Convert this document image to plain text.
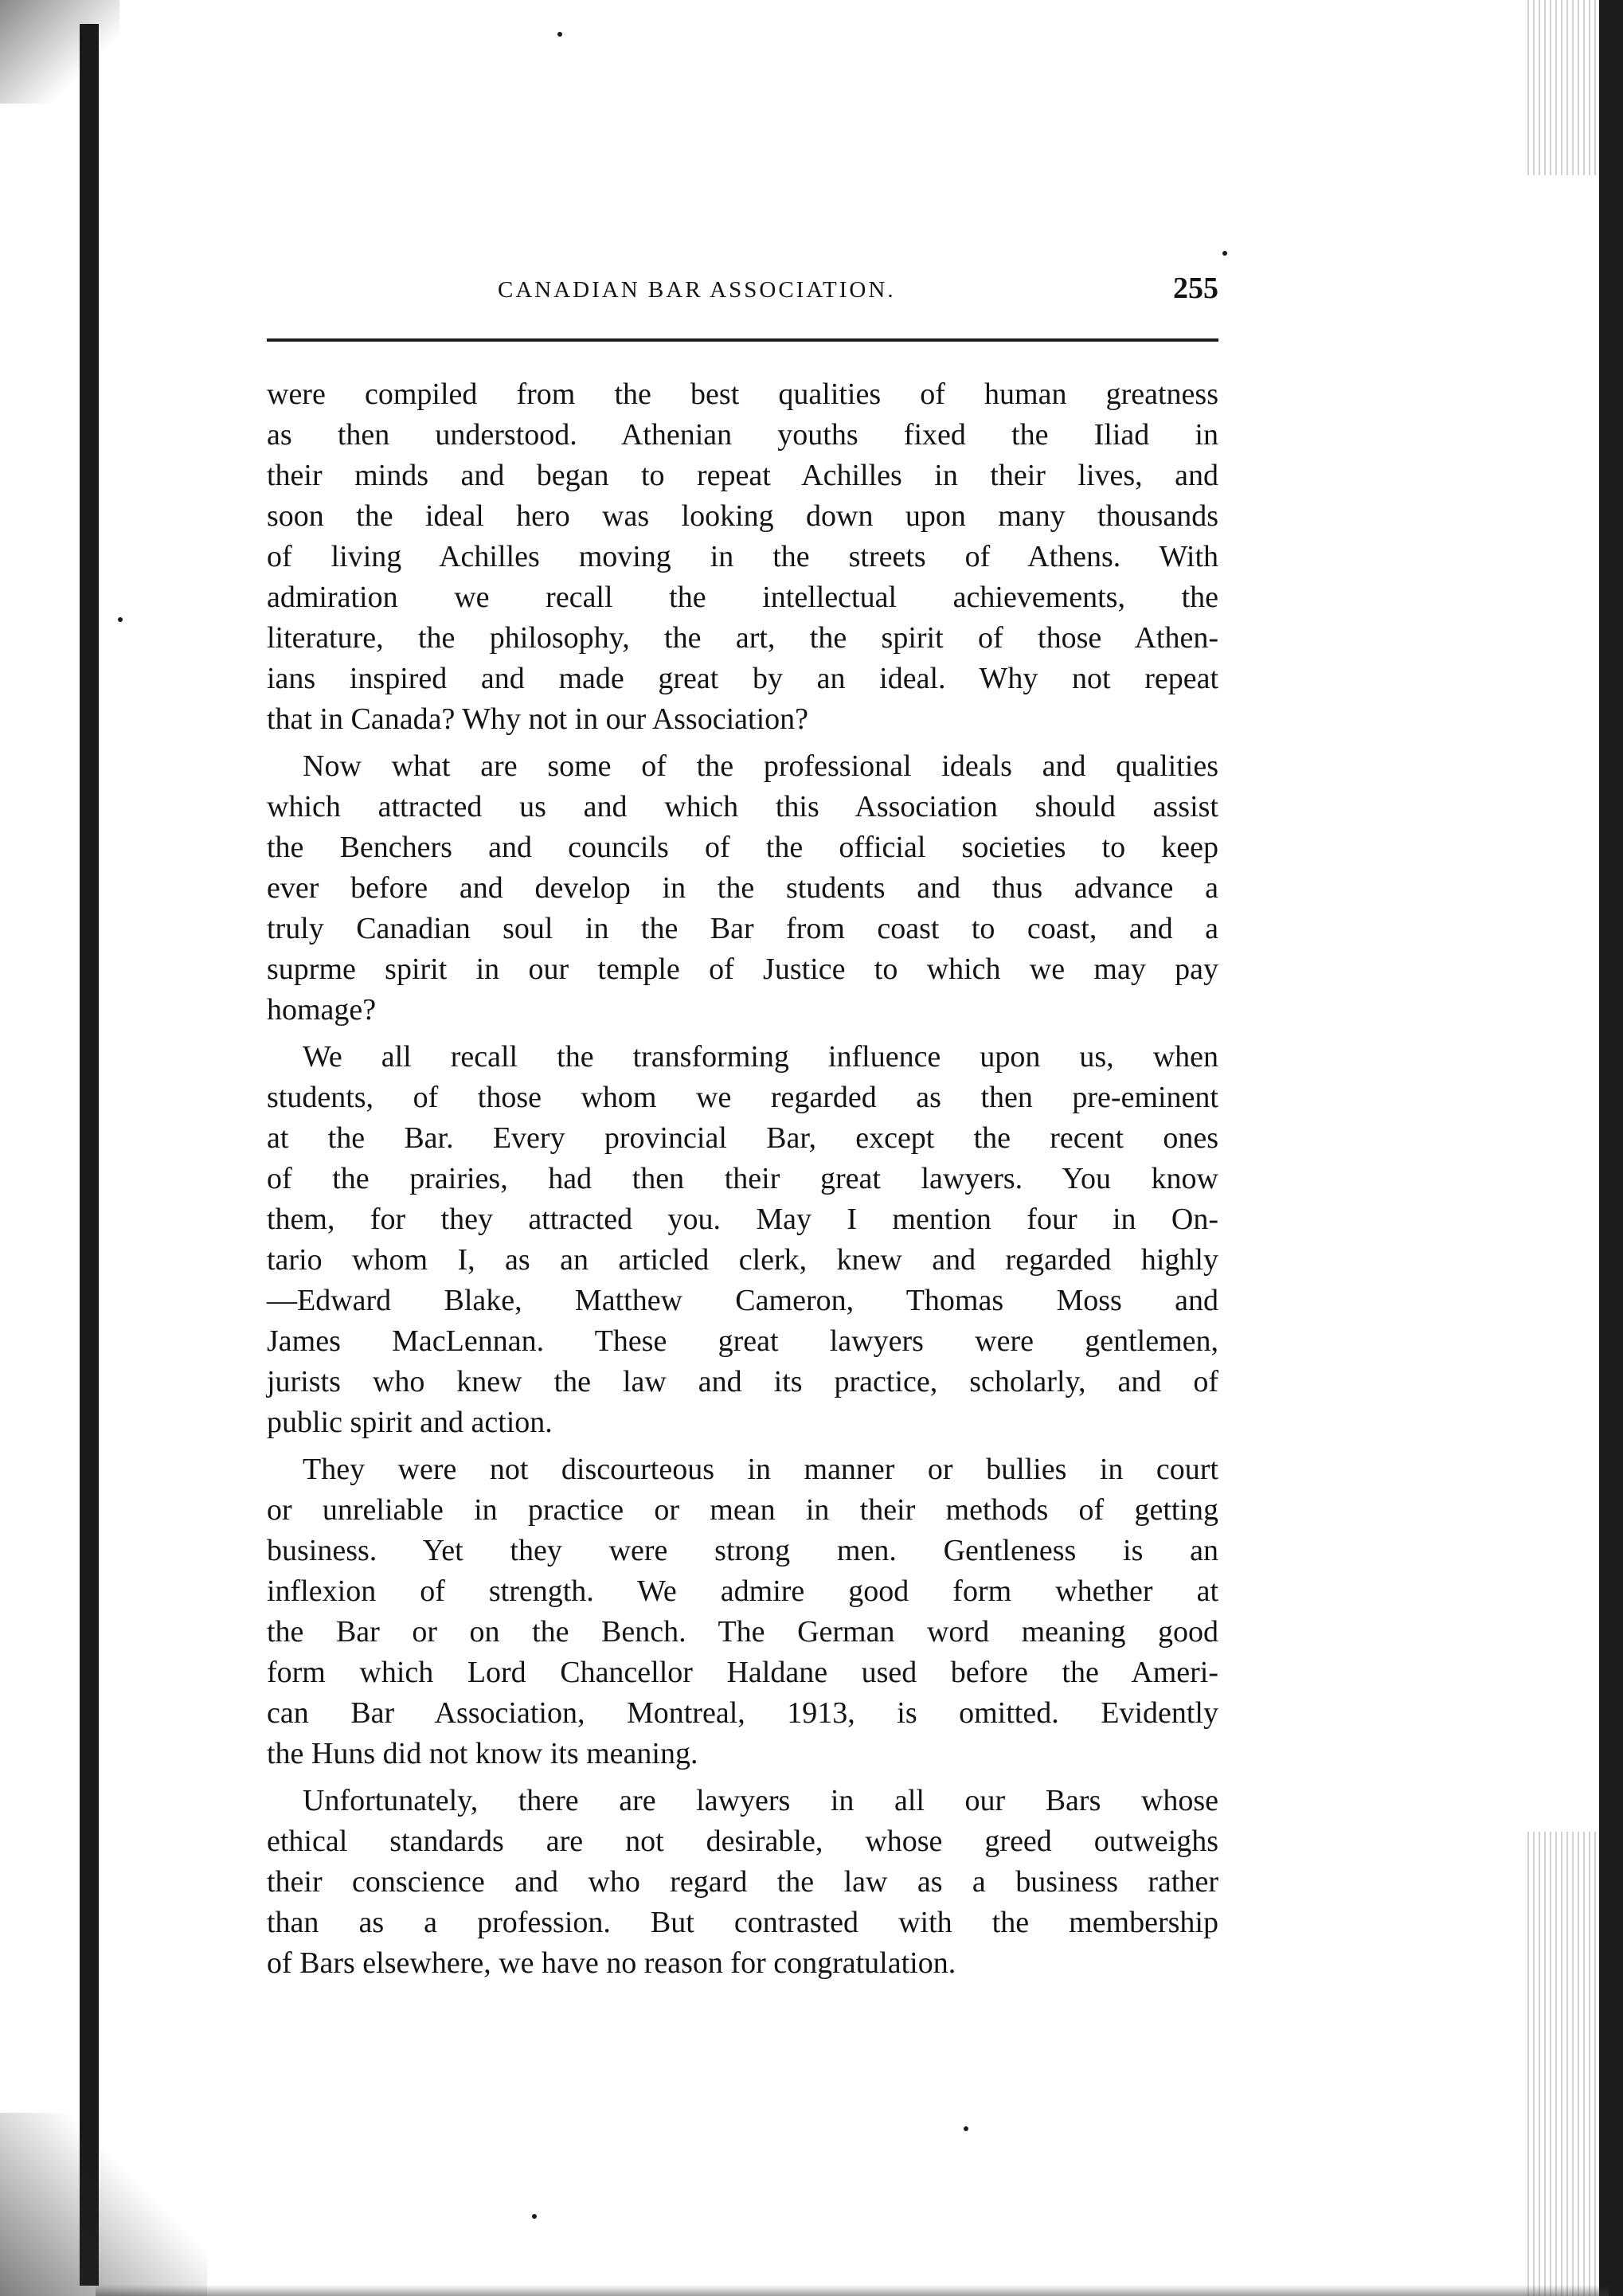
CANADIAN BAR ASSOCIATION.	255
were compiled from the best qualities of human greatness
as then understood. Athenian youths fixed the Iliad in
their minds and began to repeat Achilles in their lives, and
soon the ideal hero was looking down upon many thousands
of living Achilles moving in the streets of Athens. With
admiration we recall the intellectual achievements, the
literature, the philosophy, the art, the spirit of those Athen-
ians inspired and made great by an ideal. Why not repeat
that in Canada? Why not in our Association?
Now what are some of the professional ideals and qualities
which attracted us and which this Association should assist
the Benchers and councils of the official societies to keep
ever before and develop in the students and thus advance a
truly Canadian soul in the Bar from coast to coast, and a
suprme spirit in our temple of Justice to which we may pay
homage?
We all recall the transforming influence upon us, when
students, of those whom we regarded as then pre-eminent
at the Bar. Every provincial Bar, except the recent ones
of the prairies, had then their great lawyers. You know
them, for they attracted you. May I mention four in On-
tario whom I, as an articled clerk, knew and regarded highly
—Edward Blake, Matthew Cameron, Thomas Moss and
James MacLennan. These great lawyers were gentlemen,
jurists who knew the law and its practice, scholarly, and of
public spirit and action.
They were not discourteous in manner or bullies in court
or unreliable in practice or mean in their methods of getting
business. Yet they were strong men. Gentleness is an
inflexion of strength. We admire good form whether at
the Bar or on the Bench. The German word meaning good
form which Lord Chancellor Haldane used before the Ameri-
can Bar Association, Montreal, 1913, is omitted. Evidently
the Huns did not know its meaning.
Unfortunately, there are lawyers in all our Bars whose
ethical standards are not desirable, whose greed outweighs
their conscience and who regard the law as a business rather
than as a profession. But contrasted with the membership
of Bars elsewhere, we have no reason for congratulation.
